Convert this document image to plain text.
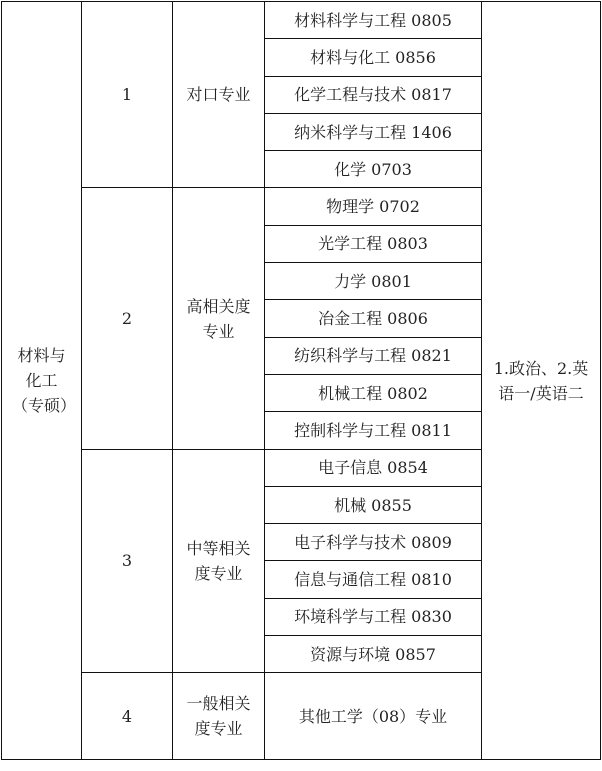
材料与化工（专硕）	1	对口专业	材料科学与工程 0805	1.政治、2.英语一/英语二
			材料与化工 0856	
			化学工程与技术 0817	
			纳米科学与工程 1406	
			化学 0703	
	2	高相关度专业	物理学 0702	
			光学工程 0803	
			力学 0801	
			冶金工程 0806	
			纺织科学与工程 0821	
			机械工程 0802	
			控制科学与工程 0811	
	3	中等相关度专业	电子信息 0854	
			机械 0855	
			电子科学与技术 0809	
			信息与通信工程 0810	
			环境科学与工程 0830	
			资源与环境 0857	
	4	一般相关度专业	其他工学（08）专业	
